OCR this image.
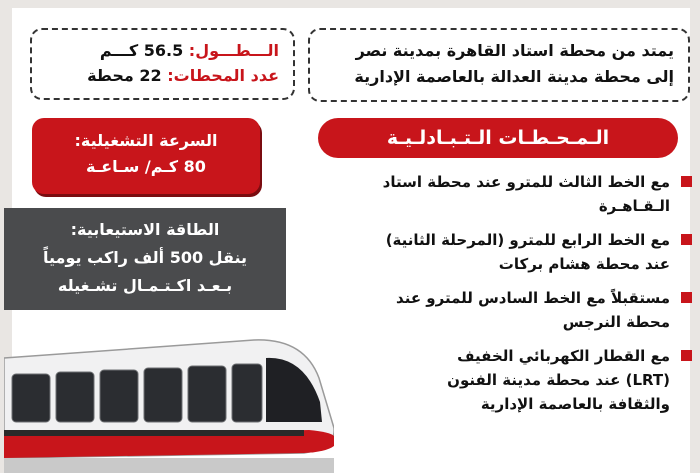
الـــطـــول: 56.5 كـــم
عدد المحطات: 22 محطة
يمتد من محطة استاد القاهرة بمدينة نصر
إلى محطة مدينة العدالة بالعاصمة الإدارية
السرعة التشغيلية:
80 كـم/ سـاعـة
الطاقة الاستيعابية:
ينقل 500 ألف راكب يومياً
بـعـد اكـتـمـال تشـغيله
الـمـحـطـات الـتـبـادلـيـة
مع الخط الثالث للمترو عند محطة استاد
الـقـاهـرة
مع الخط الرابع للمترو (المرحلة الثانية)
عند محطة هشام بركات
مستقبلاً مع الخط السادس للمترو عند
محطة النرجس
مع القطار الكهربائي الخفيف
(LRT) عند محطة مدينة الفنون
والثقافة بالعاصمة الإدارية
